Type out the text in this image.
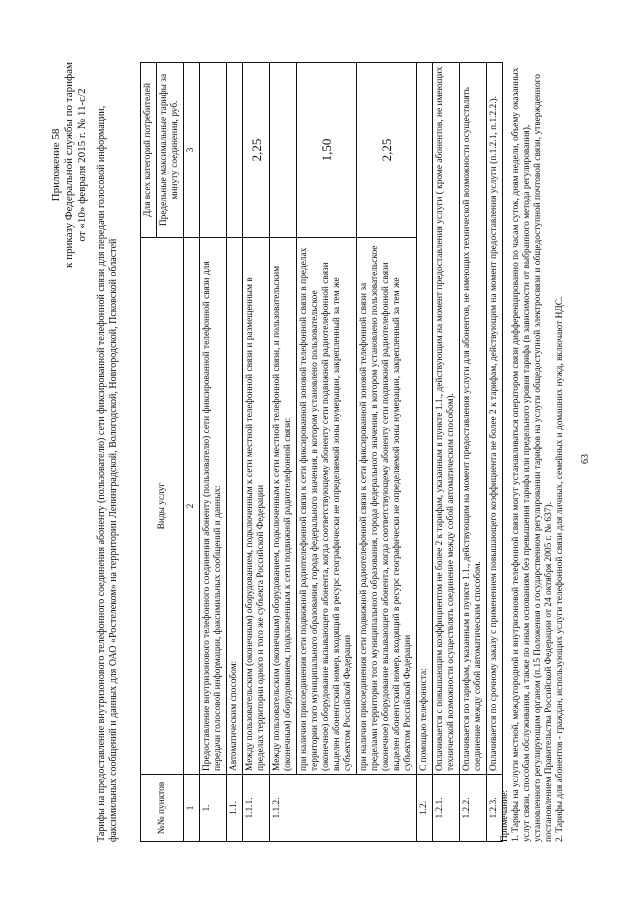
Приложение 58 к приказу Федеральной службы по тарифам от «10» февраля 2015 г. № 11-с/2 Тарифы на предоставление внутризонового телефонного соединения абоненту (пользователю) сети фиксированной телефонной связи для передачи голосовой информации, факсимильных сообщений и данных для ОАО «Ростелеком» на территории Ленинградской, Вологодской, Новгородской, Псковской областей	№№ пунктов	Виды услуг	Для всех категорий потребителей
		Предельные максимальные тарифы за минуту соединения, руб.
1	2	3
1.	Предоставление внутризонового телефонного соединения абоненту (пользователю) сети фиксированной телефонной связи для передачи голосовой информации, факсимильных сообщений и данных:	
1.1.	Автоматическим способом:	
1.1.1.	Между пользовательским (оконечным) оборудованием, подключенным к сети местной телефонной связи и размещенным в пределах территории одного и того же субъекта Российской Федерации	2,25
1.1.2.	Между пользовательским (оконечным) оборудованием, подключенным к сети местной телефонной связи, и пользовательским (оконечным) оборудованием, подключенным к сети подвижной радиотелефонной связи:	
	при наличии присоединения сети подвижной радиотелефонной связи к сети фиксированной зоновой телефонной связи в пределах территории того муниципального образования, города федерального значения, в котором установлено пользовательское (оконечное) оборудование вызывающего абонента, когда соответствующему абоненту сети подвижной радиотелефонной связи выделен абонентский номер, входящий в ресурс географически не определяемой зоны нумерации, закрепленный за тем же субъектом Российской Федерации	1,50
	при наличии присоединения сети подвижной радиотелефонной связи к сети фиксированной зоновой телефонной связи за пределами территории того муниципального образования, города федерального значения, в котором установлено пользовательское (оконечное) оборудование вызывающего абонента, когда соответствующему абоненту сети подвижной радиотелефонной связи выделен абонентский номер, входящий в ресурс географически не определяемой зоны нумерации, закрепленный за тем же субъектом Российской Федерации	2,25
1.2.	С помощью телефониста:	
1.2.1.	Оплачивается с повышающим коэффициентом не более 2 к тарифам, указанным в пункте 1.1., действующим на момент предоставления услуги ( кроме абонентов, не имеющих технической возможности осуществлять соединение между собой автоматическим способом).	
1.2.2.	Оплачивается по тарифам, указанным в пункте 1.1., действующим на момент предоставления услуги для абонентов, не имеющих технической возможности осуществлять соединение между собой автоматическим способом.	
1.2.3.	Оплачивается по срочному заказу с применением повышающего коэффициента не более 2 к тарифам, действующим на момент предоставления услуги (п.1.2.1, п.1.2.2.).	
Примечание: 1. Тарифы на услуги местной, междугородной и внутризоновой телефонной связи могут устанавливаться оператором связи дифференцированно по часам суток, дням недели, объему оказанных услуг связи, способам обслуживания, а также по иным основаниям без превышения тарифа или предельного уровня тарифа (в зависимости от выбранного метода регулирования), установленного регулирующим органом (п.15 Положения о государственном регулировании тарифов на услуги общедоступной электросвязи и общедоступной почтовой связи, утвержденного постановлением Правительства Российской Федерации от 24 октября 2005 г. № 637). 2. Тарифы для абонентов - граждан, использующих услуги телефонной связи для личных, семейных и домашних нужд, включают НДС. 63
